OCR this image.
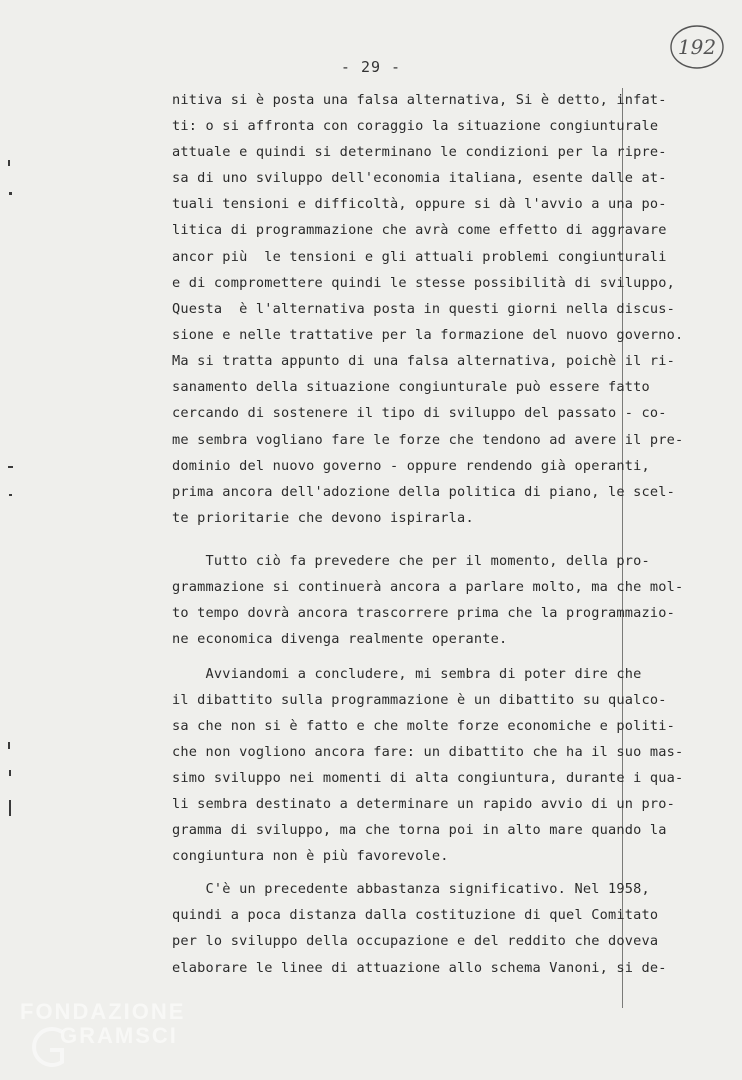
- 29 -
192
nitiva si è posta una falsa alternativa, Si è detto, infat-
ti: o si affronta con coraggio la situazione congiunturale
attuale e quindi si determinano le condizioni per la ripre-
sa di uno sviluppo dell'economia italiana, esente dalle at-
tuali tensioni e difficoltà, oppure si dà l'avvio a una po-
litica di programmazione che avrà come effetto di aggravare
ancor più  le tensioni e gli attuali problemi congiunturali
e di compromettere quindi le stesse possibilità di sviluppo,
Questa  è l'alternativa posta in questi giorni nella discus-
sione e nelle trattative per la formazione del nuovo governo.
Ma si tratta appunto di una falsa alternativa, poichè il ri-
sanamento della situazione congiunturale può essere fatto
cercando di sostenere il tipo di sviluppo del passato - co-
me sembra vogliano fare le forze che tendono ad avere il pre-
dominio del nuovo governo - oppure rendendo già operanti,
prima ancora dell'adozione della politica di piano, le scel-
te prioritarie che devono ispirarla.
Tutto ciò fa prevedere che per il momento, della pro-
grammazione si continuerà ancora a parlare molto, ma che mol-
to tempo dovrà ancora trascorrere prima che la programmazio-
ne economica divenga realmente operante.
Avviandomi a concludere, mi sembra di poter dire che
il dibattito sulla programmazione è un dibattito su qualco-
sa che non si è fatto e che molte forze economiche e politi-
che non vogliono ancora fare: un dibattito che ha il suo mas-
simo sviluppo nei momenti di alta congiuntura, durante i qua-
li sembra destinato a determinare un rapido avvio di un pro-
gramma di sviluppo, ma che torna poi in alto mare quando la
congiuntura non è più favorevole.
C'è un precedente abbastanza significativo. Nel 1958,
quindi a poca distanza dalla costituzione di quel Comitato
per lo sviluppo della occupazione e del reddito che doveva
elaborare le linee di attuazione allo schema Vanoni, si de-
FONDAZIONE
GRAMSCI
